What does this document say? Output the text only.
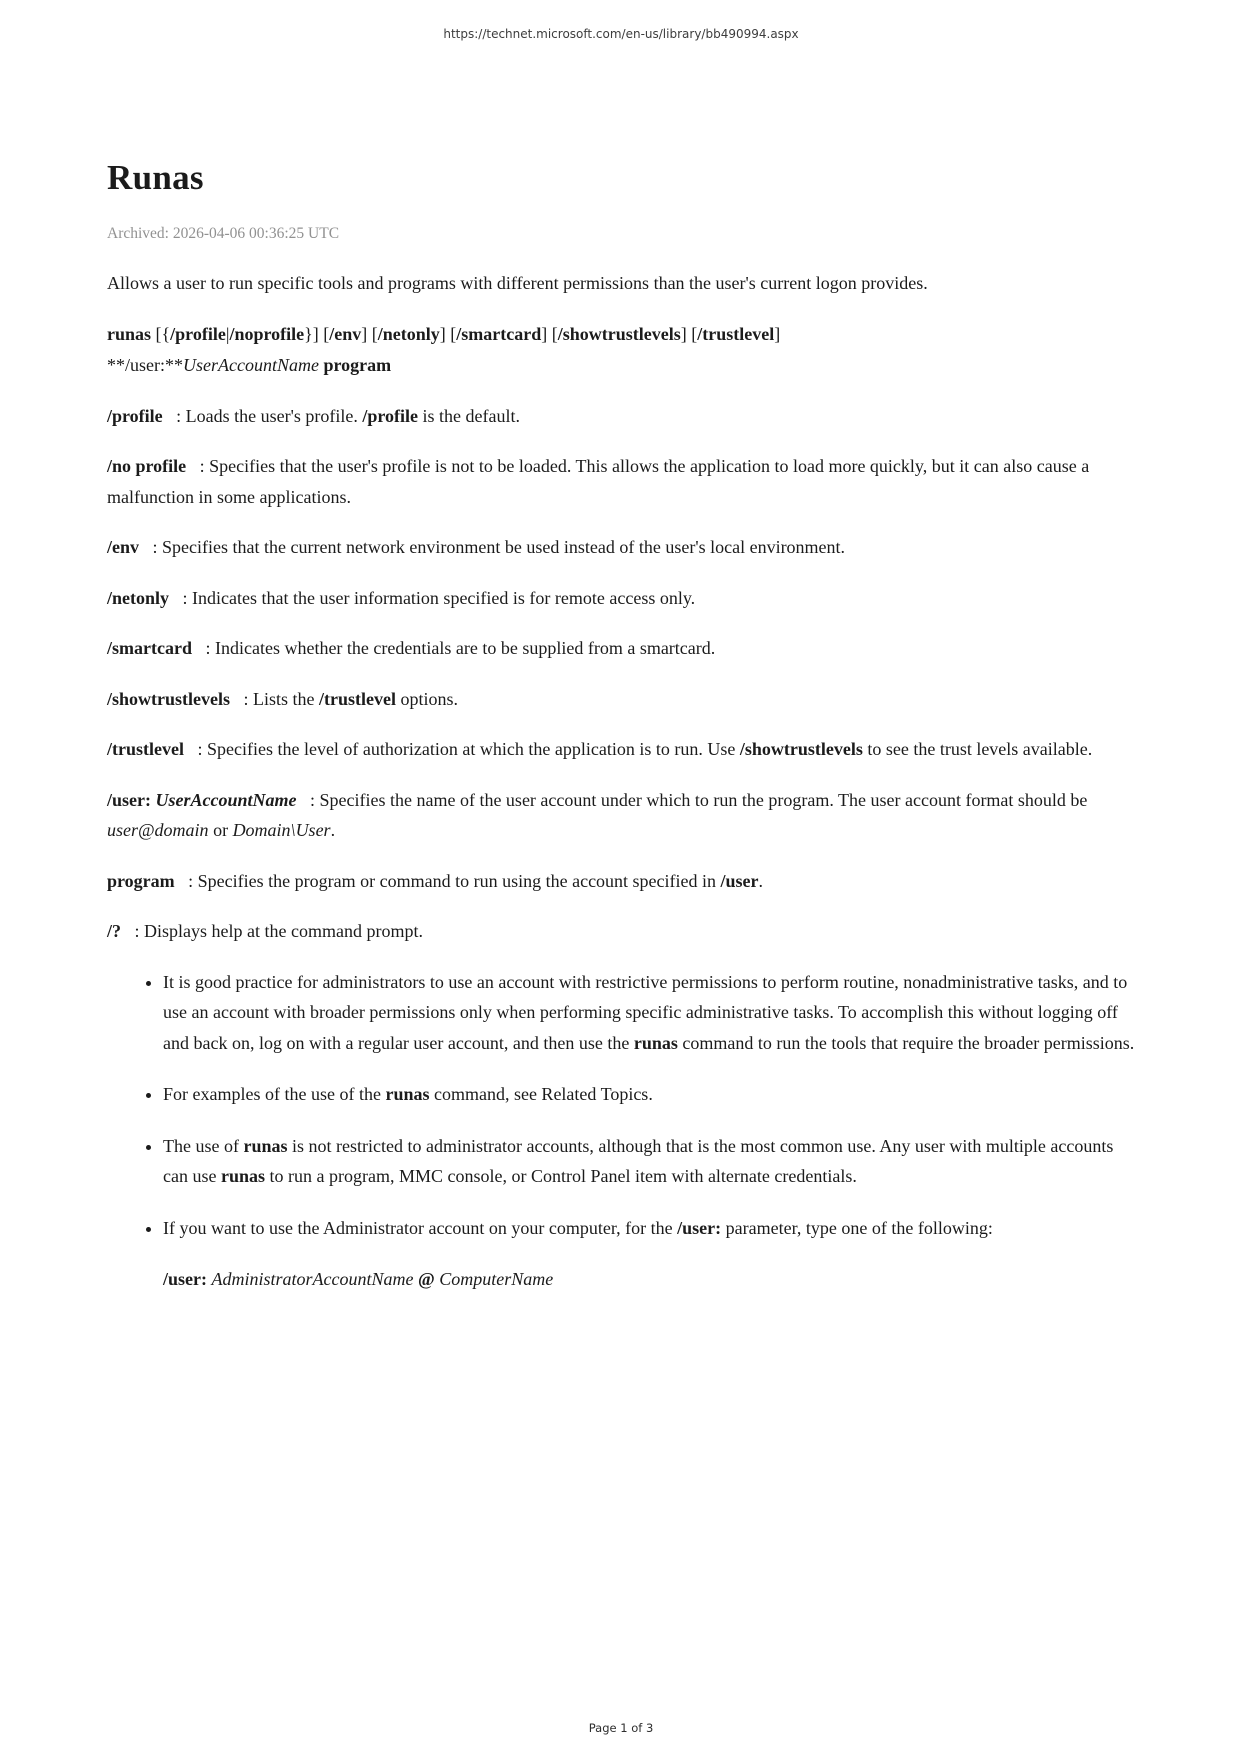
https://technet.microsoft.com/en-us/library/bb490994.aspx
Runas

Archived: 2026-04-06 00:36:25 UTC

Allows a user to run specific tools and programs with different permissions than the user's current logon provides.

runas [{/profile|/noprofile}] [/env] [/netonly] [/smartcard] [/showtrustlevels] [/trustlevel]
**/user:**UserAccountName program

/profile   : Loads the user's profile. /profile is the default.

/no profile   : Specifies that the user's profile is not to be loaded. This allows the application to load more quickly, but it can also cause a malfunction in some applications.

/env   : Specifies that the current network environment be used instead of the user's local environment.

/netonly   : Indicates that the user information specified is for remote access only.

/smartcard   : Indicates whether the credentials are to be supplied from a smartcard.

/showtrustlevels   : Lists the /trustlevel options.

/trustlevel   : Specifies the level of authorization at which the application is to run. Use /showtrustlevels to see the trust levels available.

/user: UserAccountName   : Specifies the name of the user account under which to run the program. The user account format should be user@domain or Domain\User.

program   : Specifies the program or command to run using the account specified in /user.

/?   : Displays help at the command prompt.

• It is good practice for administrators to use an account with restrictive permissions to perform routine, nonadministrative tasks, and to use an account with broader permissions only when performing specific administrative tasks. To accomplish this without logging off and back on, log on with a regular user account, and then use the runas command to run the tools that require the broader permissions.
• For examples of the use of the runas command, see Related Topics.
• The use of runas is not restricted to administrator accounts, although that is the most common use. Any user with multiple accounts can use runas to run a program, MMC console, or Control Panel item with alternate credentials.
• If you want to use the Administrator account on your computer, for the /user: parameter, type one of the following:

/user: AdministratorAccountName @ ComputerName

Page 1 of 3
